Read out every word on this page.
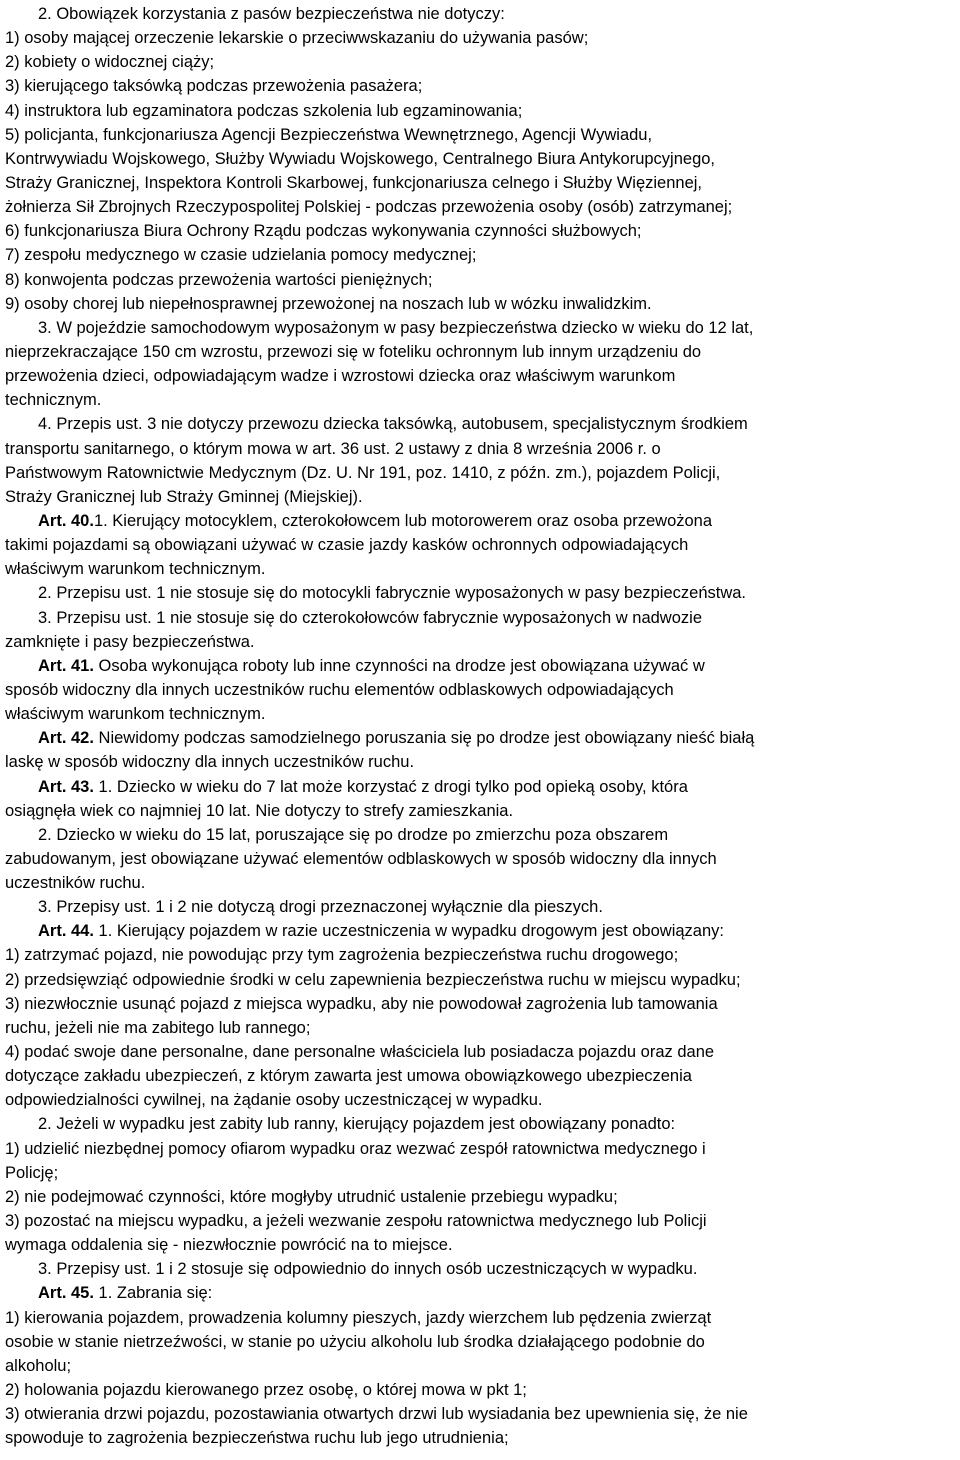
2. Obowiązek korzystania z pasów bezpieczeństwa nie dotyczy:
1) osoby mającej orzeczenie lekarskie o przeciwwskazaniu do używania pasów;
2) kobiety o widocznej ciąży;
3) kierującego taksówką podczas przewożenia pasażera;
4) instruktora lub egzaminatora podczas szkolenia lub egzaminowania;
5) policjanta, funkcjonariusza Agencji Bezpieczeństwa Wewnętrznego, Agencji Wywiadu,
Kontrwywiadu Wojskowego, Służby Wywiadu Wojskowego, Centralnego Biura Antykorupcyjnego,
Straży Granicznej, Inspektora Kontroli Skarbowej, funkcjonariusza celnego i Służby Więziennej,
żołnierza Sił Zbrojnych Rzeczypospolitej Polskiej - podczas przewożenia osoby (osób) zatrzymanej;
6) funkcjonariusza Biura Ochrony Rządu podczas wykonywania czynności służbowych;
7) zespołu medycznego w czasie udzielania pomocy medycznej;
8) konwojenta podczas przewożenia wartości pieniężnych;
9) osoby chorej lub niepełnosprawnej przewożonej na noszach lub w wózku inwalidzkim.
3. W pojeździe samochodowym wyposażonym w pasy bezpieczeństwa dziecko w wieku do 12 lat,
nieprzekraczające 150 cm wzrostu, przewozi się w foteliku ochronnym lub innym urządzeniu do
przewożenia dzieci, odpowiadającym wadze i wzrostowi dziecka oraz właściwym warunkom
technicznym.
4. Przepis ust. 3 nie dotyczy przewozu dziecka taksówką, autobusem, specjalistycznym środkiem
transportu sanitarnego, o którym mowa w art. 36 ust. 2 ustawy z dnia 8 września 2006 r. o
Państwowym Ratownictwie Medycznym (Dz. U. Nr 191, poz. 1410, z późn. zm.), pojazdem Policji,
Straży Granicznej lub Straży Gminnej (Miejskiej).
Art. 40.1. Kierujący motocyklem, czterokołowcem lub motorowerem oraz osoba przewożona
takimi pojazdami są obowiązani używać w czasie jazdy kasków ochronnych odpowiadających
właściwym warunkom technicznym.
2. Przepisu ust. 1 nie stosuje się do motocykli fabrycznie wyposażonych w pasy bezpieczeństwa.
3. Przepisu ust. 1 nie stosuje się do czterokołowców fabrycznie wyposażonych w nadwozie
zamknięte i pasy bezpieczeństwa.
Art. 41. Osoba wykonująca roboty lub inne czynności na drodze jest obowiązana używać w
sposób widoczny dla innych uczestników ruchu elementów odblaskowych odpowiadających
właściwym warunkom technicznym.
Art. 42. Niewidomy podczas samodzielnego poruszania się po drodze jest obowiązany nieść białą
laskę w sposób widoczny dla innych uczestników ruchu.
Art. 43. 1. Dziecko w wieku do 7 lat może korzystać z drogi tylko pod opieką osoby, która
osiągnęła wiek co najmniej 10 lat. Nie dotyczy to strefy zamieszkania.
2. Dziecko w wieku do 15 lat, poruszające się po drodze po zmierzchu poza obszarem
zabudowanym, jest obowiązane używać elementów odblaskowych w sposób widoczny dla innych
uczestników ruchu.
3. Przepisy ust. 1 i 2 nie dotyczą drogi przeznaczonej wyłącznie dla pieszych.
Art. 44. 1. Kierujący pojazdem w razie uczestniczenia w wypadku drogowym jest obowiązany:
1) zatrzymać pojazd, nie powodując przy tym zagrożenia bezpieczeństwa ruchu drogowego;
2) przedsięwziąć odpowiednie środki w celu zapewnienia bezpieczeństwa ruchu w miejscu wypadku;
3) niezwłocznie usunąć pojazd z miejsca wypadku, aby nie powodował zagrożenia lub tamowania
ruchu, jeżeli nie ma zabitego lub rannego;
4) podać swoje dane personalne, dane personalne właściciela lub posiadacza pojazdu oraz dane
dotyczące zakładu ubezpieczeń, z którym zawarta jest umowa obowiązkowego ubezpieczenia
odpowiedzialności cywilnej, na żądanie osoby uczestniczącej w wypadku.
2. Jeżeli w wypadku jest zabity lub ranny, kierujący pojazdem jest obowiązany ponadto:
1) udzielić niezbędnej pomocy ofiarom wypadku oraz wezwać zespół ratownictwa medycznego i
Policję;
2) nie podejmować czynności, które mogłyby utrudnić ustalenie przebiegu wypadku;
3) pozostać na miejscu wypadku, a jeżeli wezwanie zespołu ratownictwa medycznego lub Policji
wymaga oddalenia się - niezwłocznie powrócić na to miejsce.
3. Przepisy ust. 1 i 2 stosuje się odpowiednio do innych osób uczestniczących w wypadku.
Art. 45. 1. Zabrania się:
1) kierowania pojazdem, prowadzenia kolumny pieszych, jazdy wierzchem lub pędzenia zwierząt
osobie w stanie nietrzeźwości, w stanie po użyciu alkoholu lub środka działającego podobnie do
alkoholu;
2) holowania pojazdu kierowanego przez osobę, o której mowa w pkt 1;
3) otwierania drzwi pojazdu, pozostawiania otwartych drzwi lub wysiadania bez upewnienia się, że nie
spowoduje to zagrożenia bezpieczeństwa ruchu lub jego utrudnienia;
